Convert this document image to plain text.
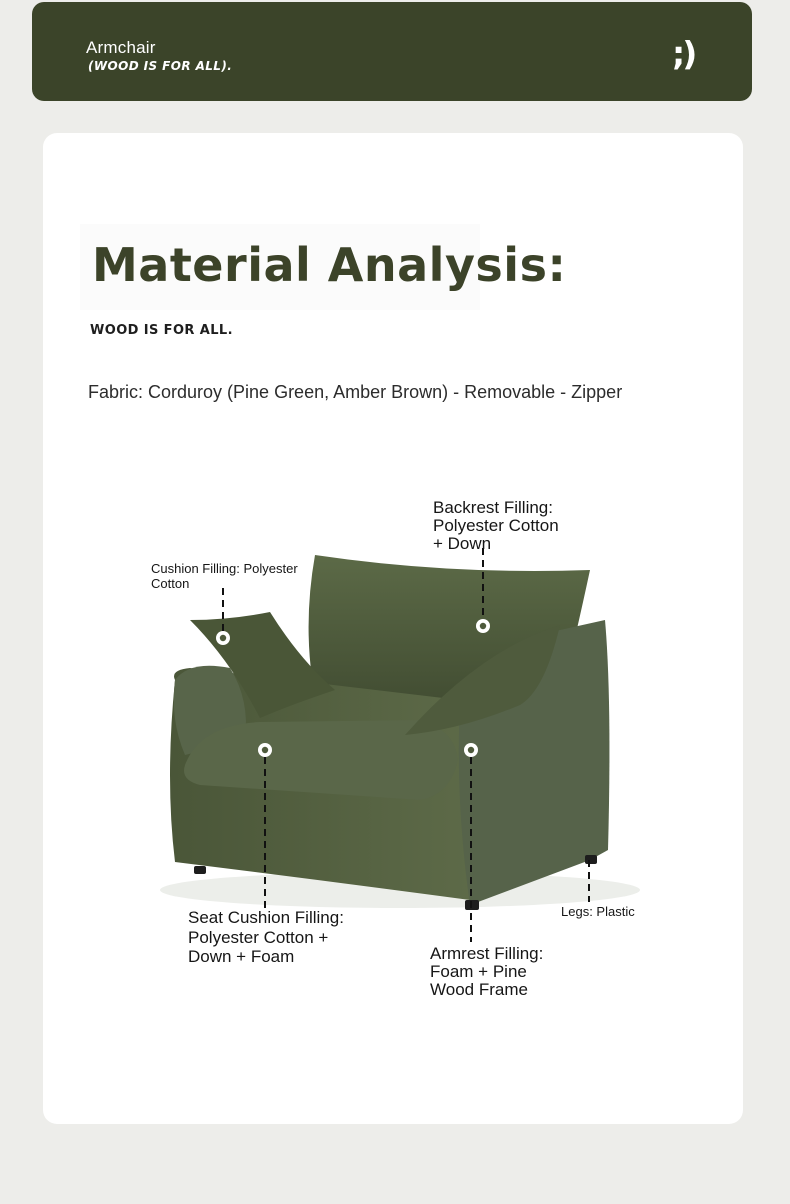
Armchair
(WOOD IS FOR ALL).	;)
Material Analysis:
WOOD IS FOR ALL.
Fabric: Corduroy (Pine Green, Amber Brown) - Removable - Zipper
Cushion Filling: Polyester
Cotton
Backrest Filling:
Polyester Cotton
+ Down
Seat Cushion Filling:
Polyester Cotton +
Down + Foam	Armrest Filling:
Foam + Pine
Wood Frame
Legs: Plastic
